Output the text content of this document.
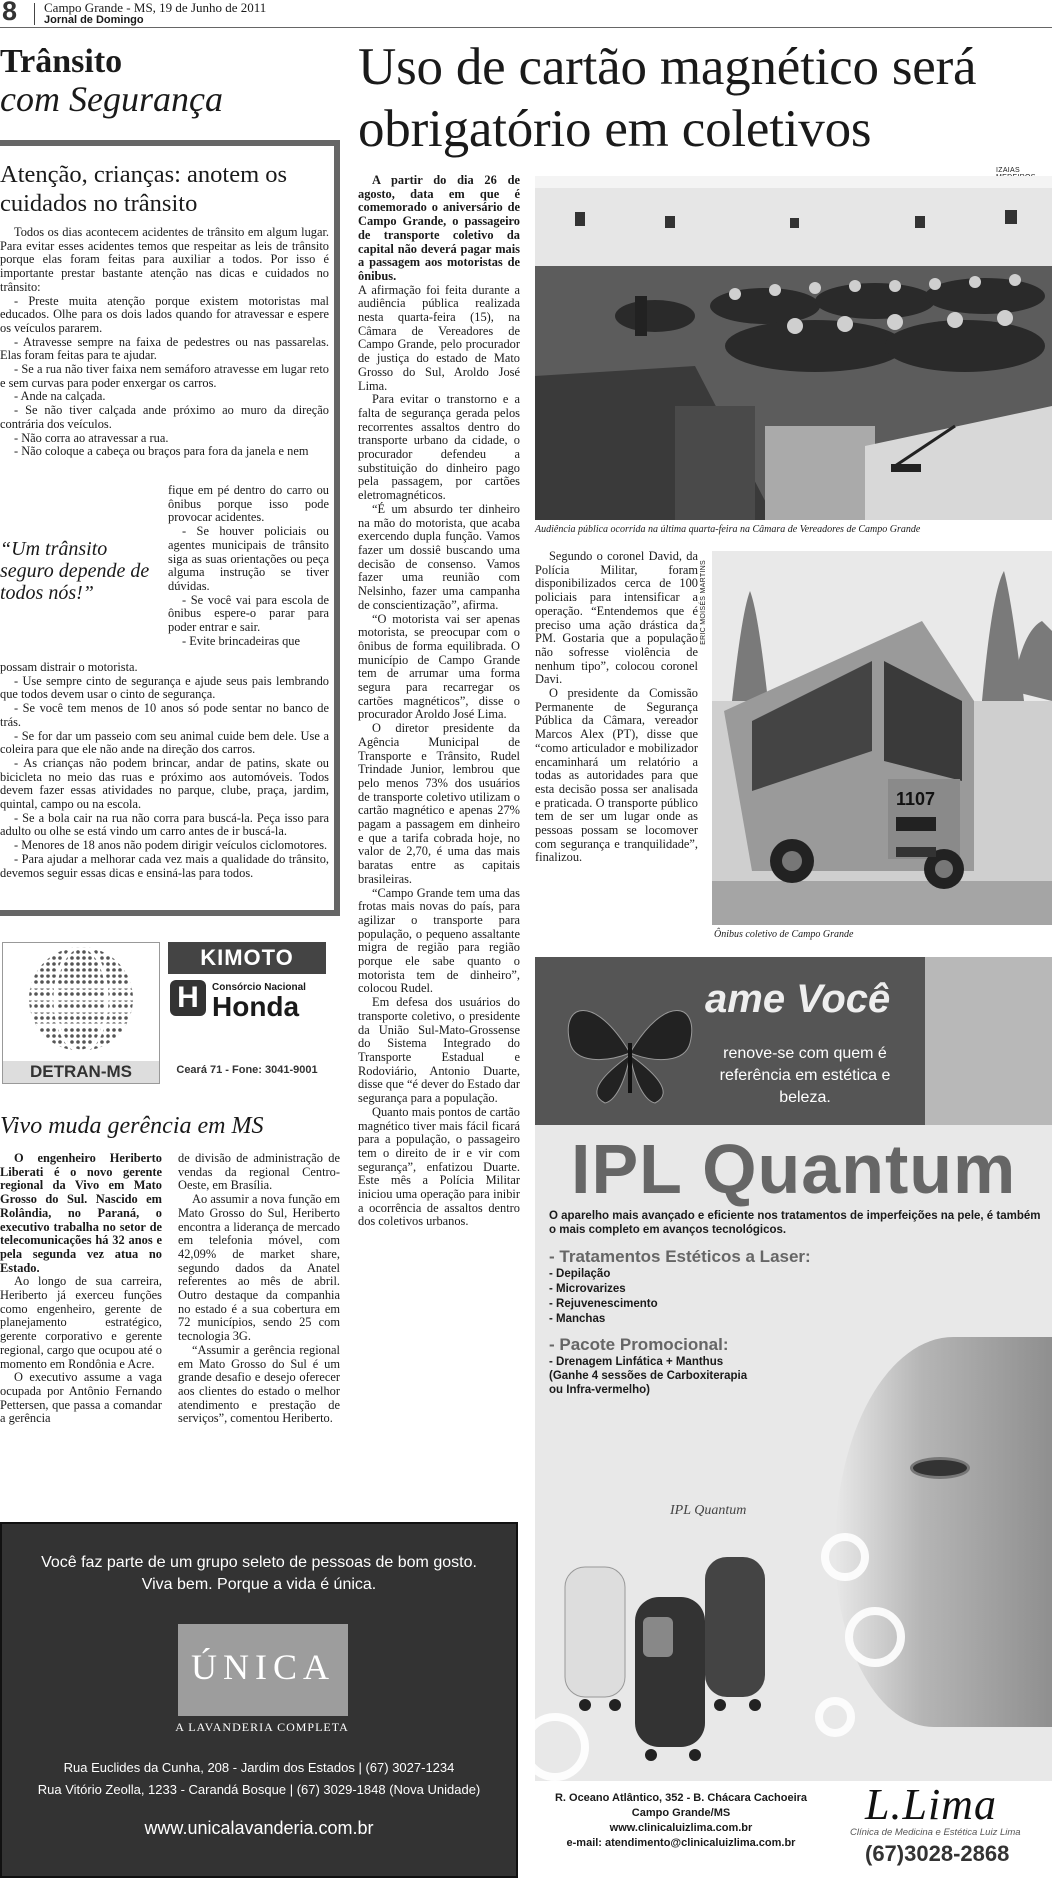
8 Campo Grande - MS, 19 de Junho de 2011
Jornal de Domingo
Trânsito
com Segurança
Atenção, crianças: anotem os cuidados no trânsito

Todos os dias acontecem acidentes de trânsito em algum lugar. Para evitar esses acidentes temos que respeitar as leis de trânsito porque elas foram feitas para auxiliar a todos. Por isso é importante prestar bastante atenção nas dicas e cuidados no trânsito:

- Preste muita atenção porque existem motoristas mal educados. Olhe para os dois lados quando for atravessar e espere os veículos pararem.

- Atravesse sempre na faixa de pedestres ou nas passarelas. Elas foram feitas para te ajudar.

- Se a rua não tiver faixa nem semáforo atravesse em lugar reto e sem curvas para poder enxergar os carros.

- Ande na calçada.

- Se não tiver calçada ande próximo ao muro da direção contrária dos veículos.

- Não corra ao atravessar a rua.

- Não coloque a cabeça ou braços para fora da janela e nem

“Um trânsito seguro depende de todos nós!”

fique em pé dentro do carro ou ônibus porque isso pode provocar acidentes.

- Se houver policiais ou agentes municipais de trânsito siga as suas orientações ou peça alguma instrução se tiver dúvidas.

- Se você vai para escola de ônibus espere-o parar para poder entrar e sair.

- Evite brincadeiras que

possam distrair o motorista.

- Use sempre cinto de segurança e ajude seus pais lembrando que todos devem usar o cinto de segurança.

- Se você tem menos de 10 anos só pode sentar no banco de trás.

- Se for dar um passeio com seu animal cuide bem dele. Use a coleira para que ele não ande na direção dos carros.

- As crianças não podem brincar, andar de patins, skate ou bicicleta no meio das ruas e próximo aos automóveis. Todos devem fazer essas atividades no parque, clube, praça, jardim, quintal, campo ou na escola.

- Se a bola cair na rua não corra para buscá-la. Peça isso para adulto ou olhe se está vindo um carro antes de ir buscá-la.

- Menores de 18 anos não podem dirigir veículos ciclomotores.

- Para ajudar a melhorar cada vez mais a qualidade do trânsito, devemos seguir essas dicas e ensiná-las para todos.

DETRAN-MS
KIMOTO
H	Consórcio Nacional
Honda
Ceará 71 - Fone: 3041-9001
Vivo muda gerência em MS

O engenheiro Heriberto Liberati é o novo gerente regional da Vivo em Mato Grosso do Sul. Nascido em Rolândia, no Paraná, o executivo trabalha no setor de telecomunicações há 32 anos e pela segunda vez atua no Estado.

Ao longo de sua carreira, Heriberto já exerceu funções como engenheiro, gerente de planejamento estratégico, gerente corporativo e gerente regional, cargo que ocupou até o momento em Rondônia e Acre.

O executivo assume a vaga ocupada por Antônio Fernando Pettersen, que passa a comandar a gerência

de divisão de administração de vendas da regional Centro-Oeste, em Brasília.

Ao assumir a nova função em Mato Grosso do Sul, Heriberto encontra a liderança de mercado em telefonia móvel, com 42,09% de market share, segundo dados da Anatel referentes ao mês de abril. Outro destaque da companhia no estado é a sua cobertura em 72 municípios, sendo 25 com tecnologia 3G.

“Assumir a gerência regional em Mato Grosso do Sul é um grande desafio e desejo oferecer aos clientes do estado o melhor atendimento e prestação de serviços”, comentou Heriberto.

Uso de cartão magnético será obrigatório em coletivos

A partir do dia 26 de agosto, data em que é comemorado o aniversário de Campo Grande, o passageiro de transporte coletivo da capital não deverá pagar mais a passagem aos motoristas de ônibus.

A afirmação foi feita durante a audiência pública realizada nesta quarta-feira (15), na Câmara de Vereadores de Campo Grande, pelo procurador de justiça do estado de Mato Grosso do Sul, Aroldo José Lima.

Para evitar o transtorno e a falta de segurança gerada pelos recorrentes assaltos dentro do transporte urbano da cidade, o procurador defendeu a substituição do dinheiro pago pela passagem, por cartões eletromagnéticos.

“É um absurdo ter dinheiro na mão do motorista, que acaba exercendo dupla função. Vamos fazer um dossiê buscando uma decisão de consenso. Vamos fazer uma reunião com Nelsinho, fazer uma campanha de conscientização”, afirma.

“O motorista vai ser apenas motorista, se preocupar com o ônibus de forma equilibrada. O município de Campo Grande tem de arrumar uma forma segura para recarregar os cartões magnéticos”, disse o procurador Aroldo José Lima.

O diretor presidente da Agência Municipal de Transporte e Trânsito, Rudel Trindade Junior, lembrou que pelo menos 73% dos usuários de transporte coletivo utilizam o cartão magnético e apenas 27% pagam a passagem em dinheiro e que a tarifa cobrada hoje, no valor de 2,70, é uma das mais baratas entre as capitais brasileiras.

“Campo Grande tem uma das frotas mais novas do país, para agilizar o transporte para população, o pequeno assaltante migra de região para região porque ele sabe quanto o motorista tem de dinheiro”, colocou Rudel.

Em defesa dos usuários do transporte coletivo, o presidente da União Sul-Mato-Grossense do Sistema Integrado do Transporte Estadual e Rodoviário, Antonio Duarte, disse que “é dever do Estado dar segurança para a população.

Quanto mais pontos de cartão magnético tiver mais fácil ficará para a população, o passageiro tem o direito de ir e vir com segurança”, enfatizou Duarte. Este mês a Polícia Militar iniciou uma operação para inibir a ocorrência de assaltos dentro dos coletivos urbanos.

IZAIAS
Audiência pública ocorrida na última quarta-feira na Câmara de Vereadores de Campo Grande

Segundo o coronel David, da Polícia Militar, foram disponibilizados cerca de 100 policiais para intensificar a operação. “Entendemos que é preciso uma ação drástica da PM. Gostaria que a população não sofresse violência de nenhum tipo”, colocou coronel Davi.

O presidente da Comissão Permanente de Segurança Pública da Câmara, vereador Marcos Alex (PT), disse que “como articulador e mobilizador encaminhará um relatório a todas as autoridades para que esta decisão possa ser analisada e praticada. O transporte público tem de ser um lugar onde as pessoas possam se locomover com segurança e tranquilidade”, finalizou.

1107
ERIC MOISÉS MARTINS
Ônibus coletivo de Campo Grande
ame Você
renove-se com quem é referência em estética e beleza.
IPL Quantum
O aparelho mais avançado e eficiente nos tratamentos de imperfeições na pele, é também o mais completo em avanços tecnológicos.
- Tratamentos Estéticos a Laser:
- Depilação
- Microvarizes
- Rejuvenescimento
- Manchas
- Pacote Promocional:
- Drenagem Linfática + Manthus
(Ganhe 4 sessões de Carboxiterapia
ou Infra-vermelho)
IPL Quantum
R. Oceano Atlântico, 352 - B. Chácara Cachoeira
Campo Grande/MS
www.clinicaluizlima.com.br
e-mail: atendimento@clinicaluizlima.com.br
L.Lima
Clínica de Medicina e Estética Luiz Lima
(67)3028-2868
Você faz parte de um grupo seleto de pessoas de bom gosto.
Viva bem. Porque a vida é única.
ÚNICA
A LAVANDERIA COMPLETA
Rua Euclides da Cunha, 208 - Jardim dos Estados | (67) 3027-1234
Rua Vitório Zeolla, 1233 - Carandá Bosque | (67) 3029-1848 (Nova Unidade)
www.unicalavanderia.com.br
